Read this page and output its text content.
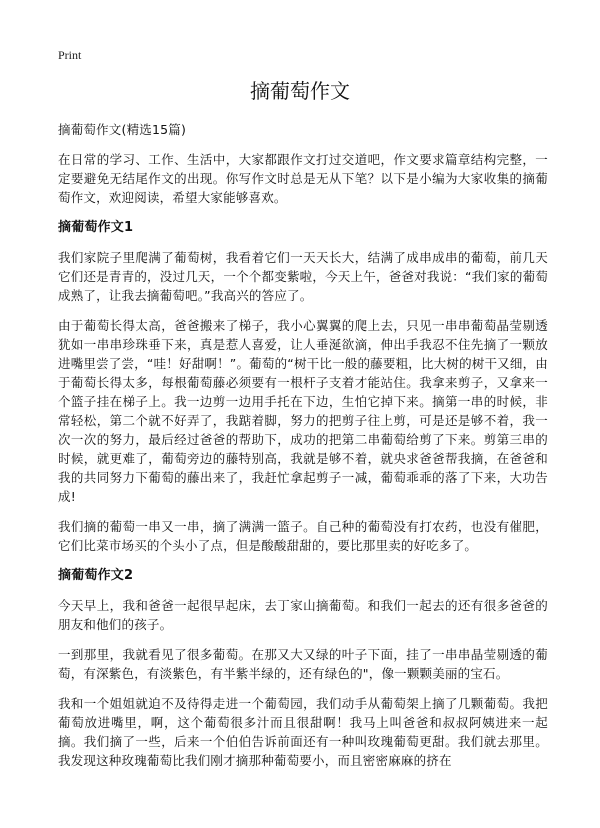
Print
摘葡萄作文
摘葡萄作文(精选15篇)

在日常的学习、工作、生活中，大家都跟作文打过交道吧，作文要求篇章结构完整，一定要避免无结尾作文的出现。你写作文时总是无从下笔？以下是小编为大家收集的摘葡萄作文，欢迎阅读，希望大家能够喜欢。

摘葡萄作文1

我们家院子里爬满了葡萄树，我看着它们一天天长大，结满了成串成串的葡萄，前几天它们还是青青的，没过几天，一个个都变紫啦，今天上午，爸爸对我说：“我们家的葡萄成熟了，让我去摘葡萄吧。”我高兴的答应了。

由于葡萄长得太高，爸爸搬来了梯子，我小心翼翼的爬上去，只见一串串葡萄晶莹剔透犹如一串串珍珠垂下来，真是惹人喜爱，让人垂涎欲滴，伸出手我忍不住先摘了一颗放进嘴里尝了尝，“哇！好甜啊！”。葡萄的“树干比一般的藤要粗，比大树的树干又细，由于葡萄长得太多，每根葡萄藤必须要有一根杆子支着才能站住。我拿来剪子，又拿来一个篮子挂在梯子上。我一边剪一边用手托在下边，生怕它掉下来。摘第一串的时候，非常轻松，第二个就不好弄了，我踮着脚，努力的把剪子往上剪，可是还是够不着，我一次一次的努力，最后经过爸爸的帮助下，成功的把第二串葡萄给剪了下来。剪第三串的时候，就更难了，葡萄旁边的藤特别高，我就是够不着，就央求爸爸帮我摘，在爸爸和我的共同努力下葡萄的藤出来了，我赶忙拿起剪子一减，葡萄乖乖的落了下来，大功告成!

我们摘的葡萄一串又一串，摘了满满一篮子。自己种的葡萄没有打农药，也没有催肥，它们比菜市场买的个头小了点，但是酸酸甜甜的，要比那里卖的好吃多了。

摘葡萄作文2

今天早上，我和爸爸一起很早起床，去丁家山摘葡萄。和我们一起去的还有很多爸爸的朋友和他们的孩子。

一到那里，我就看见了很多葡萄。在那又大又绿的叶子下面，挂了一串串晶莹剔透的葡萄，有深紫色，有淡紫色，有半紫半绿的，还有绿色的"，像一颗颗美丽的宝石。

我和一个姐姐就迫不及待得走进一个葡萄园，我们动手从葡萄架上摘了几颗葡萄。我把葡萄放进嘴里，啊，这个葡萄很多汁而且很甜啊！我马上叫爸爸和叔叔阿姨进来一起摘。我们摘了一些，后来一个伯伯告诉前面还有一种叫玫瑰葡萄更甜。我们就去那里。我发现这种玫瑰葡萄比我们刚才摘那种葡萄要小，而且密密麻麻的挤在
